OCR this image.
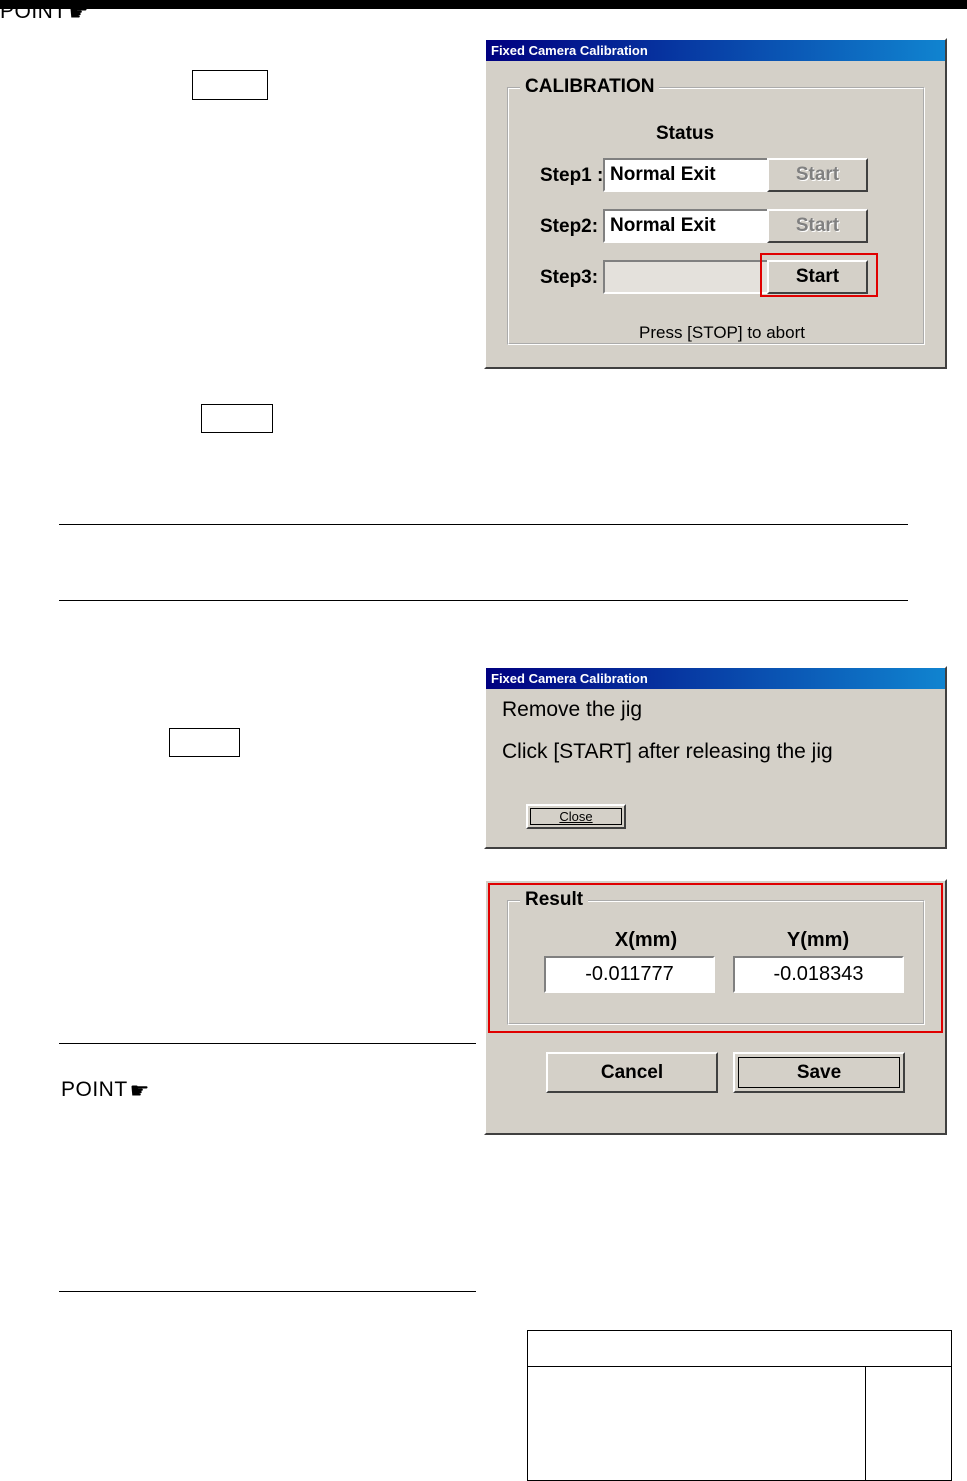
POINT ☛
POINT ☛
Fixed Camera Calibration
CALIBRATION
Status
Step1 : Normal Exit	Start
Step2: Normal Exit	Start
Step3:	Start
Press [STOP] to abort
Fixed Camera Calibration
Remove the jig
Click [START] after releasing the jig
Close
Result
X(mm)	Y(mm)
-0.011777	-0.018343
Cancel	Save
